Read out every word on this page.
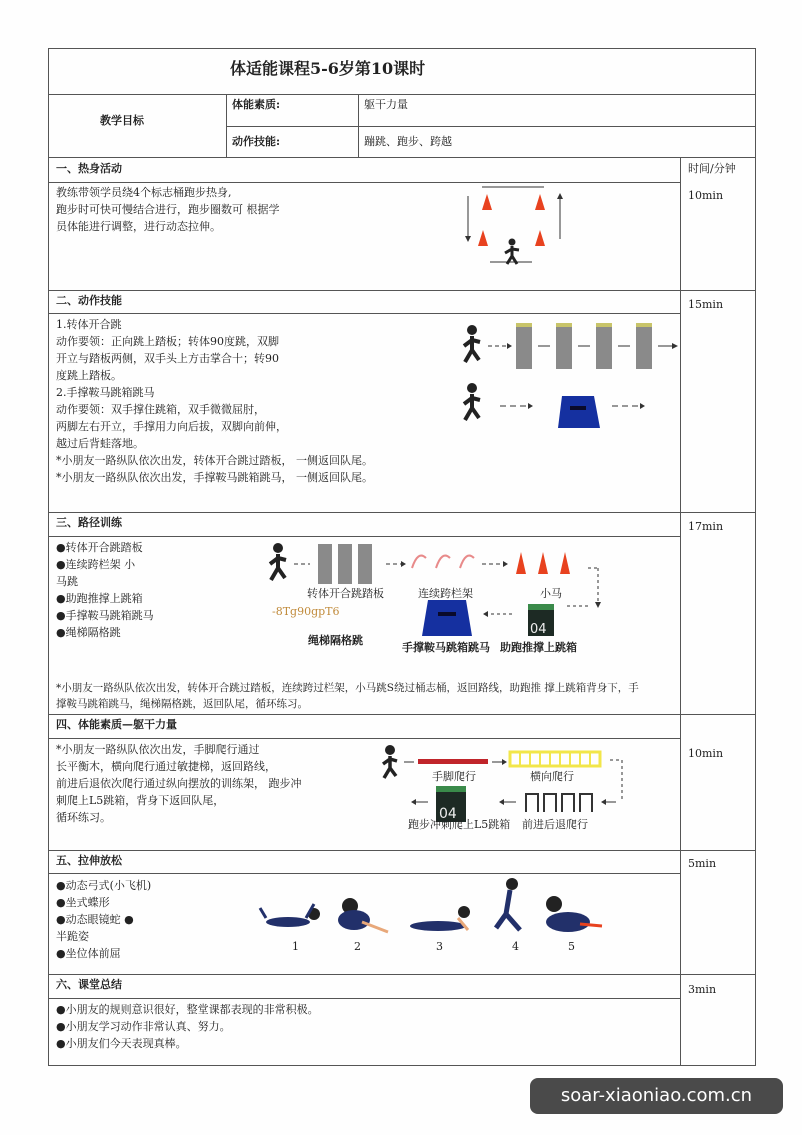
体适能课程5-6岁第10课时
教学目标
体能素质:	躯干力量
动作技能:	蹦跳、跑步、跨越
时间/分钟
一、热身活动
10min
教练带领学员绕4个标志桶跑步热身,
跑步时可快可慢结合进行，跑步圈数可 根据学
员体能进行调整，进行动态拉伸。
二、动作技能	15min
1.转体开合跳
动作要领：正向跳上踏板；转体90度跳，双脚
开立与踏板两侧，双手头上方击掌合十；转90
度跳上踏板。
2.手撑鞍马跳箱跳马
动作要领：双手撑住跳箱，双手微微屈肘，
两脚左右开立，手撑用力向后拔，双脚向前伸，
越过后背蛙落地。
*小朋友一路纵队依次出发，转体开合跳过踏板， 一侧返回队尾。
*小朋友一路纵队依次出发，手撑鞍马跳箱跳马， 一侧返回队尾。
三、路径训练	17min
●转体开合跳踏板
●连续跨栏架 小
马跳
●助跑推撑上跳箱
●手撑鞍马跳箱跳马
●绳梯隔格跳	04
转体开合跳踏板	连续跨栏架	小马
-8Tg90gpT6
绳梯隔格跳
手撑鞍马跳箱跳马 助跑推撑上跳箱
*小朋友一路纵队依次出发，转体开合跳过踏板，连续跨过栏架，小马跳S绕过桶志桶，返回路线，助跑推 撑上跳箱背身下，手
撑鞍马跳箱跳马，绳梯隔格跳，返回队尾，循环练习。
四、体能素质—躯干力量
10min
*小朋友一路纵队依次出发，手脚爬行通过
长平衡木，横向爬行通过敏捷梯，返回路线，
前进后退依次爬行通过纵向摆放的训练架， 跑步冲
刺爬上L5跳箱，背身下返回队尾，
循环练习。	04
手脚爬行	横向爬行
跑步冲刺爬上L5跳箱 前进后退爬行
五、拉伸放松	5min
●动态弓式(小飞机)
●坐式蝶形
●动态眼镜蛇 ●
半跪姿
●坐位体前屈
1	2	3	4	5
六、课堂总结	3min
●小朋友的规则意识很好，整堂课都表现的非常积极。
●小朋友学习动作非常认真、努力。
●小朋友们今天表现真棒。
soar-xiaoniao.com.cn
